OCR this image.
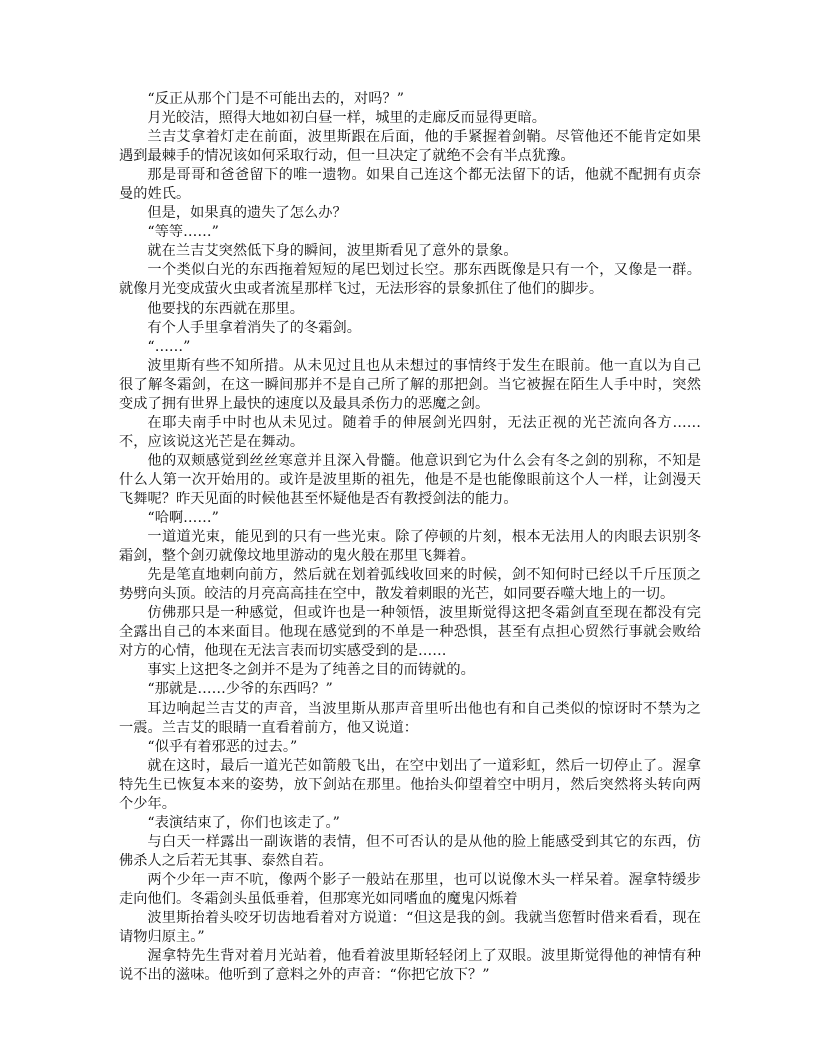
“反正从那个门是不可能出去的，对吗？”

月光皎洁，照得大地如初白昼一样，城里的走廊反而显得更暗。

兰吉艾拿着灯走在前面，波里斯跟在后面，他的手紧握着剑鞘。尽管他还不能肯定如果遇到最棘手的情况该如何采取行动，但一旦决定了就绝不会有半点犹豫。

那是哥哥和爸爸留下的唯一遗物。如果自己连这个都无法留下的话，他就不配拥有贞奈曼的姓氏。

但是，如果真的遗失了怎么办？

“等等……”

就在兰吉艾突然低下身的瞬间，波里斯看见了意外的景象。

一个类似白光的东西拖着短短的尾巴划过长空。那东西既像是只有一个，又像是一群。就像月光变成萤火虫或者流星那样飞过，无法形容的景象抓住了他们的脚步。

他要找的东西就在那里。

有个人手里拿着消失了的冬霜剑。

“……”

波里斯有些不知所措。从未见过且也从未想过的事情终于发生在眼前。他一直以为自己很了解冬霜剑，在这一瞬间那并不是自己所了解的那把剑。当它被握在陌生人手中时，突然变成了拥有世界上最快的速度以及最具杀伤力的恶魔之剑。

在耶夫南手中时也从未见过。随着手的伸展剑光四射，无法正视的光芒流向各方……不，应该说这光芒是在舞动。

他的双颊感觉到丝丝寒意并且深入骨髓。他意识到它为什么会有冬之剑的别称，不知是什么人第一次开始用的。或许是波里斯的祖先，他是不是也能像眼前这个人一样，让剑漫天飞舞呢？昨天见面的时候他甚至怀疑他是否有教授剑法的能力。

“哈啊……”

一道道光束，能见到的只有一些光束。除了停顿的片刻，根本无法用人的肉眼去识别冬霜剑，整个剑刃就像坟地里游动的鬼火般在那里飞舞着。

先是笔直地刺向前方，然后就在划着弧线收回来的时候，剑不知何时已经以千斤压顶之势劈向头顶。皎洁的月亮高高挂在空中，散发着刺眼的光芒，如同要吞噬大地上的一切。

仿佛那只是一种感觉，但或许也是一种领悟，波里斯觉得这把冬霜剑直至现在都没有完全露出自己的本来面目。他现在感觉到的不单是一种恐惧，甚至有点担心贸然行事就会败给对方的心情，他现在无法言表而切实感受到的是……

事实上这把冬之剑并不是为了纯善之目的而铸就的。

“那就是……少爷的东西吗？”

耳边响起兰吉艾的声音，当波里斯从那声音里听出他也有和自己类似的惊讶时不禁为之一震。兰吉艾的眼睛一直看着前方，他又说道：

“似乎有着邪恶的过去。”

就在这时，最后一道光芒如箭般飞出，在空中划出了一道彩虹，然后一切停止了。渥拿特先生已恢复本来的姿势，放下剑站在那里。他抬头仰望着空中明月，然后突然将头转向两个少年。

“表演结束了，你们也该走了。”

与白天一样露出一副诙谐的表情，但不可否认的是从他的脸上能感受到其它的东西，仿佛杀人之后若无其事、泰然自若。

两个少年一声不吭，像两个影子一般站在那里，也可以说像木头一样呆着。渥拿特缓步走向他们。冬霜剑头虽低垂着，但那寒光如同嗜血的魔鬼闪烁着

波里斯抬着头咬牙切齿地看着对方说道：“但这是我的剑。我就当您暂时借来看看，现在请物归原主。”

渥拿特先生背对着月光站着，他看着波里斯轻轻闭上了双眼。波里斯觉得他的神情有种说不出的滋味。他听到了意料之外的声音：“你把它放下？”
